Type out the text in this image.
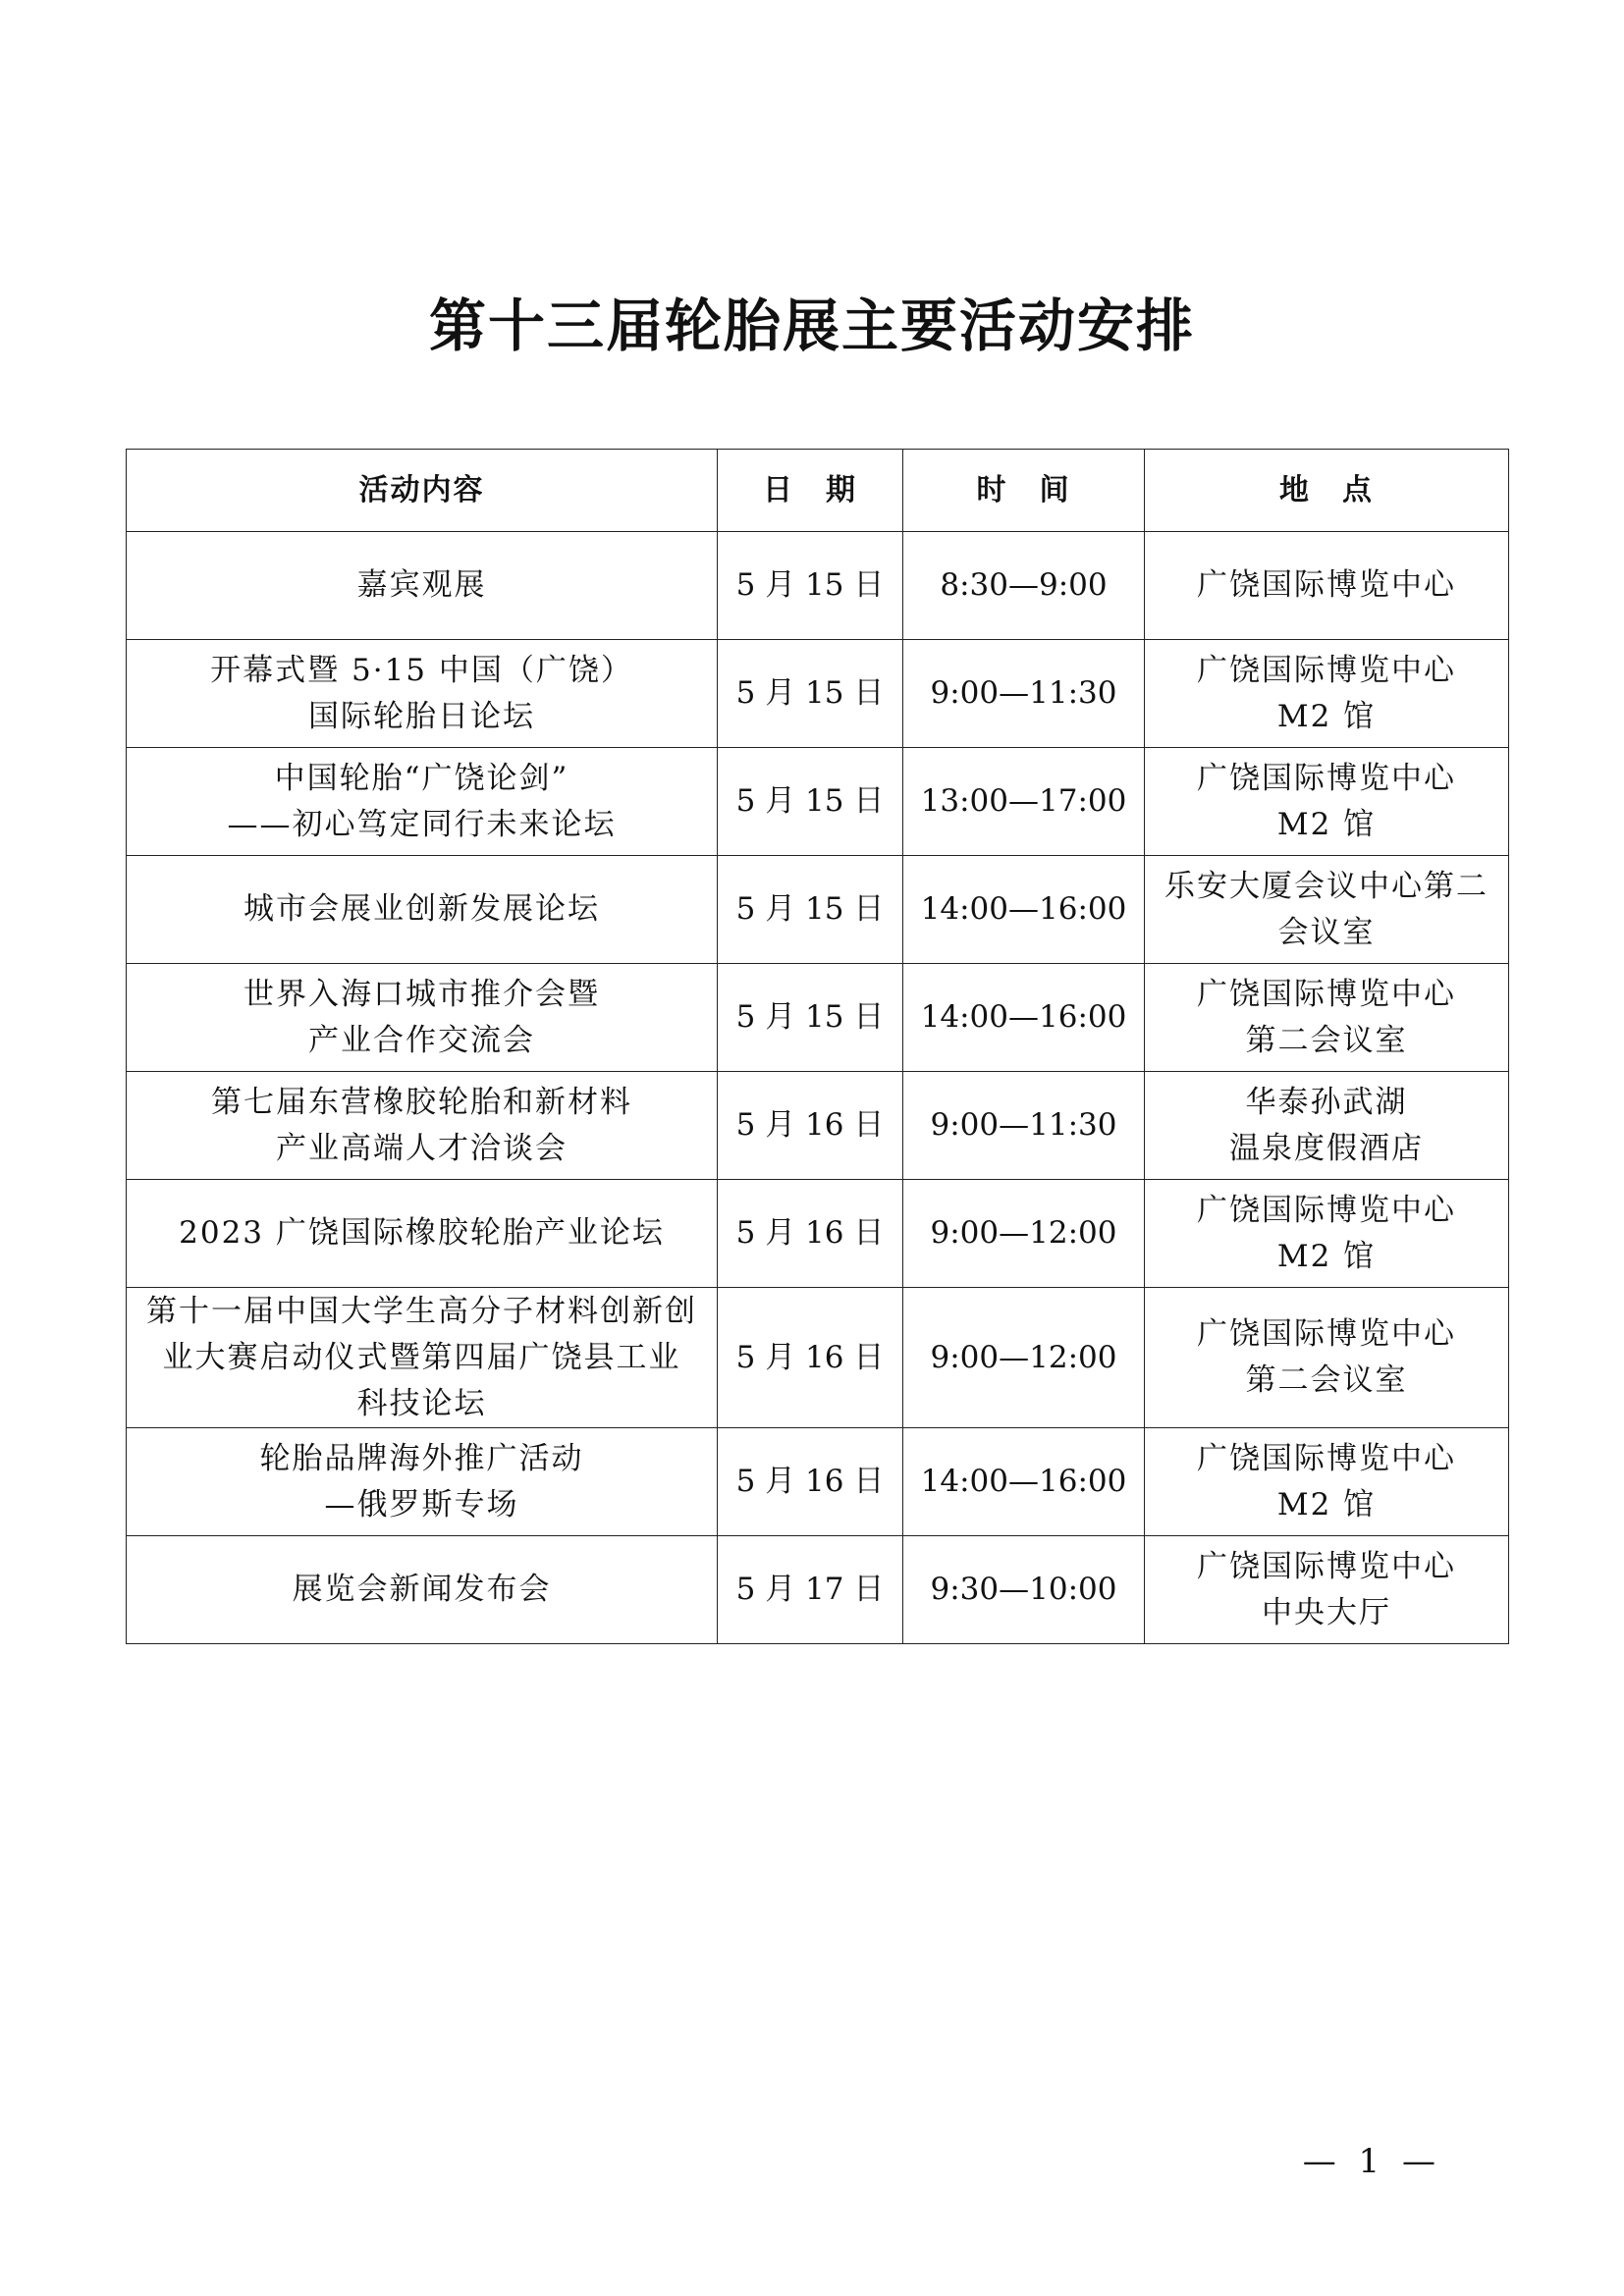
第十三届轮胎展主要活动安排
活动内容	日　期	时　间	地　点

嘉宾观展	5 月 15 日	8:30—9:00	广饶国际博览中心

开幕式暨 5·15 中国（广饶）
国际轮胎日论坛	5 月 15 日	9:00—11:30	广饶国际博览中心
M2 馆

中国轮胎“广饶论剑”
——初心笃定同行未来论坛	5 月 15 日	13:00—17:00	广饶国际博览中心
M2 馆

城市会展业创新发展论坛	5 月 15 日	14:00—16:00	乐安大厦会议中心第二
会议室

世界入海口城市推介会暨
产业合作交流会	5 月 15 日	14:00—16:00	广饶国际博览中心
第二会议室

第七届东营橡胶轮胎和新材料
产业高端人才洽谈会	5 月 16 日	9:00—11:30	华泰孙武湖
温泉度假酒店

2023 广饶国际橡胶轮胎产业论坛	5 月 16 日	9:00—12:00	广饶国际博览中心
M2 馆

第十一届中国大学生高分子材料创新创
业大赛启动仪式暨第四届广饶县工业
科技论坛	5 月 16 日	9:00—12:00	广饶国际博览中心
第二会议室

轮胎品牌海外推广活动
—俄罗斯专场	5 月 16 日	14:00—16:00	广饶国际博览中心
M2 馆

展览会新闻发布会	5 月 17 日	9:30—10:00	广饶国际博览中心
中央大厅
— 1 —
